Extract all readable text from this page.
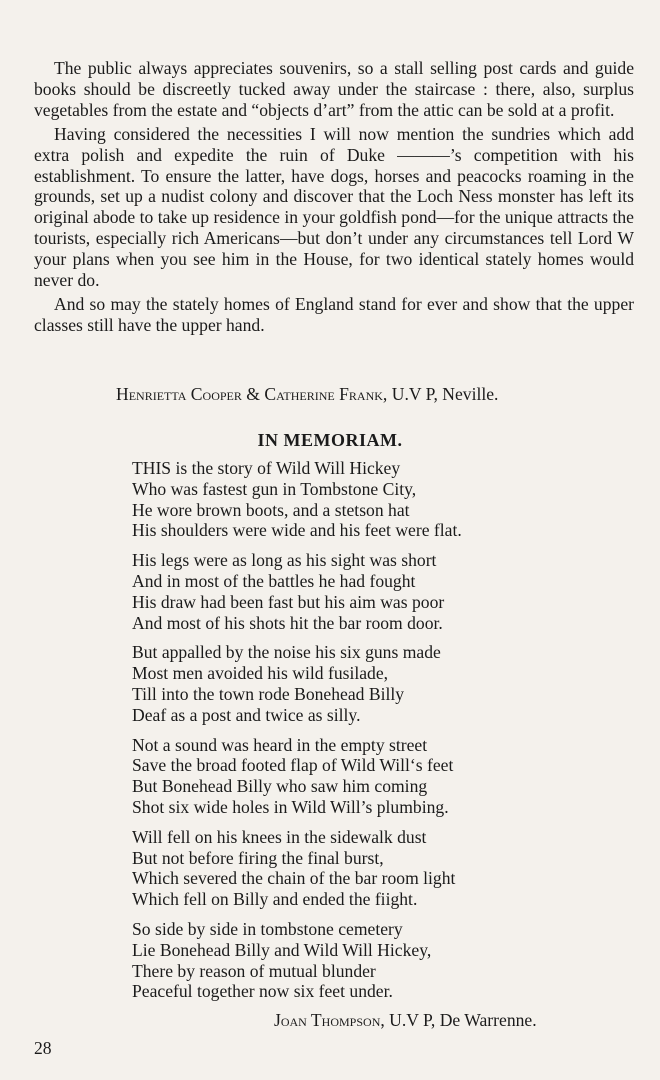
The public always appreciates souvenirs, so a stall selling post cards and guide books should be discreetly tucked away under the staircase : there, also, surplus vegetables from the estate and “objects d’art” from the attic can be sold at a profit.

Having considered the necessities I will now mention the sundries which add extra polish and expedite the ruin of Duke ———’s competition with his establishment. To ensure the latter, have dogs, horses and peacocks roaming in the grounds, set up a nudist colony and discover that the Loch Ness monster has left its original abode to take up residence in your goldfish pond—for the unique attracts the tourists, especially rich Americans—but don’t under any circumstances tell Lord W your plans when you see him in the House, for two identical stately homes would never do.

And so may the stately homes of England stand for ever and show that the upper classes still have the upper hand.

Henrietta Cooper & Catherine Frank, U.V P, Neville.
IN MEMORIAM.
THIS is the story of Wild Will Hickey
Who was fastest gun in Tombstone City,
He wore brown boots, and a stetson hat
His shoulders were wide and his feet were flat.
His legs were as long as his sight was short
And in most of the battles he had fought
His draw had been fast but his aim was poor
And most of his shots hit the bar room door.
But appalled by the noise his six guns made
Most men avoided his wild fusilade,
Till into the town rode Bonehead Billy
Deaf as a post and twice as silly.
Not a sound was heard in the empty street
Save the broad footed flap of Wild Will‘s feet
But Bonehead Billy who saw him coming
Shot six wide holes in Wild Will’s plumbing.
Will fell on his knees in the sidewalk dust
But not before firing the final burst,
Which severed the chain of the bar room light
Which fell on Billy and ended the fiight.
So side by side in tombstone cemetery
Lie Bonehead Billy and Wild Will Hickey,
There by reason of mutual blunder
Peaceful together now six feet under.
Joan Thompson, U.V P, De Warrenne.
28
